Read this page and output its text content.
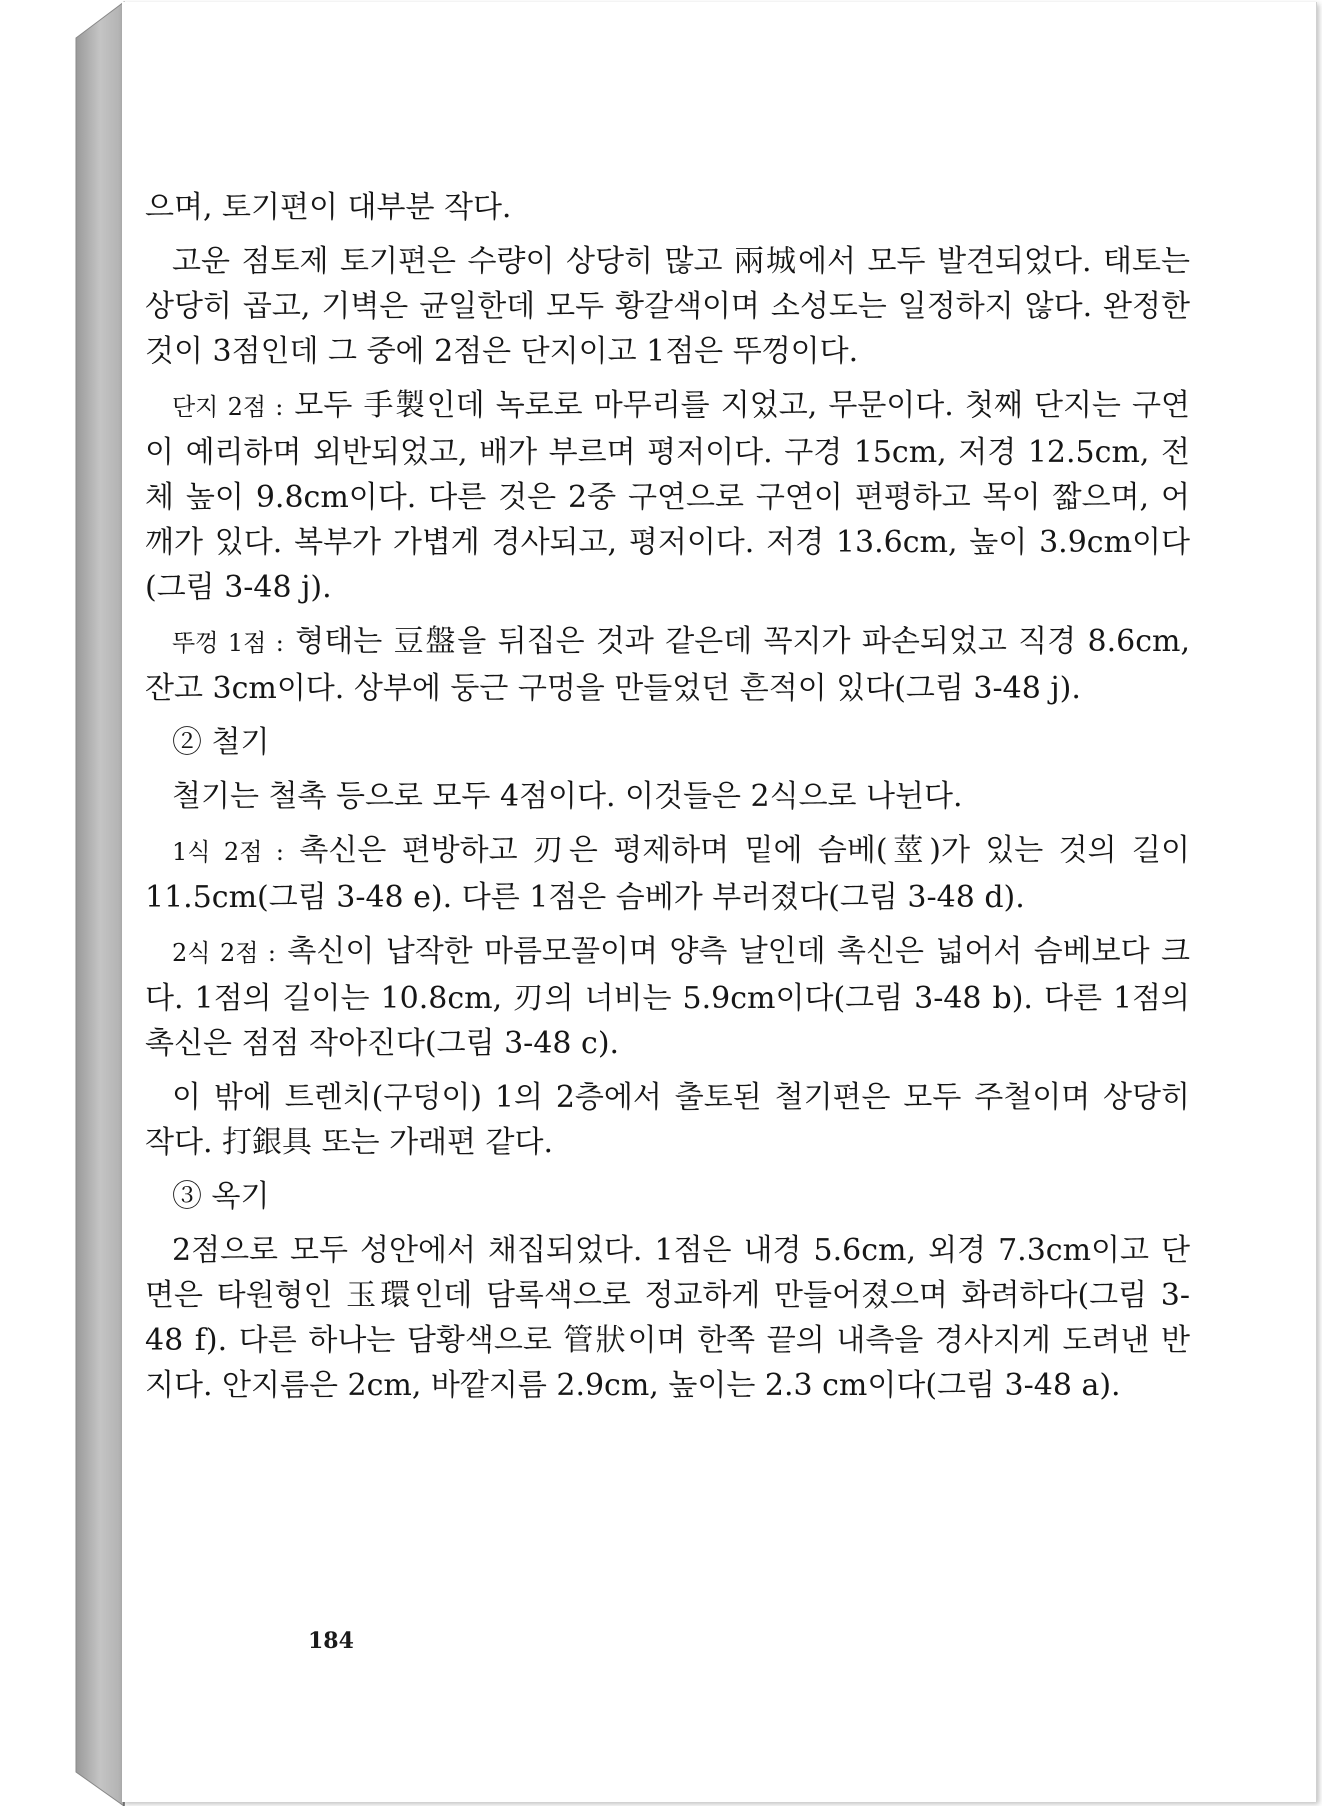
으며, 토기편이 대부분 작다.

고운 점토제 토기편은 수량이 상당히 많고 兩城에서 모두 발견되었다. 태토는 상당히 곱고, 기벽은 균일한데 모두 황갈색이며 소성도는 일정하지 않다. 완정한 것이 3점인데 그 중에 2점은 단지이고 1점은 뚜껑이다.

단지 2점 : 모두 手製인데 녹로로 마무리를 지었고, 무문이다. 첫째 단지는 구연이 예리하며 외반되었고, 배가 부르며 평저이다. 구경 15cm, 저경 12.5cm, 전체 높이 9.8cm이다. 다른 것은 2중 구연으로 구연이 편평하고 목이 짧으며, 어깨가 있다. 복부가 가볍게 경사되고, 평저이다. 저경 13.6cm, 높이 3.9cm이다(그림 3-48 j).

뚜껑 1점 : 형태는 豆盤을 뒤집은 것과 같은데 꼭지가 파손되었고 직경 8.6cm, 잔고 3cm이다. 상부에 둥근 구멍을 만들었던 흔적이 있다(그림 3-48 j).

② 철기

철기는 철촉 등으로 모두 4점이다. 이것들은 2식으로 나뉜다.

1식 2점 : 촉신은 편방하고 刃은 평제하며 밑에 슴베(莖)가 있는 것의 길이 11.5cm(그림 3-48 e). 다른 1점은 슴베가 부러졌다(그림 3-48 d).

2식 2점 : 촉신이 납작한 마름모꼴이며 양측 날인데 촉신은 넓어서 슴베보다 크다. 1점의 길이는 10.8cm, 刃의 너비는 5.9cm이다(그림 3-48 b). 다른 1점의 촉신은 점점 작아진다(그림 3-48 c).

이 밖에 트렌치(구덩이) 1의 2층에서 출토된 철기편은 모두 주철이며 상당히 작다. 打銀具 또는 가래편 같다.

③ 옥기

2점으로 모두 성안에서 채집되었다. 1점은 내경 5.6cm, 외경 7.3cm이고 단면은 타원형인 玉環인데 담록색으로 정교하게 만들어졌으며 화려하다(그림 3-48 f). 다른 하나는 담황색으로 管狀이며 한쪽 끝의 내측을 경사지게 도려낸 반지다. 안지름은 2cm, 바깥지름 2.9cm, 높이는 2.3 cm이다(그림 3-48 a).

184
